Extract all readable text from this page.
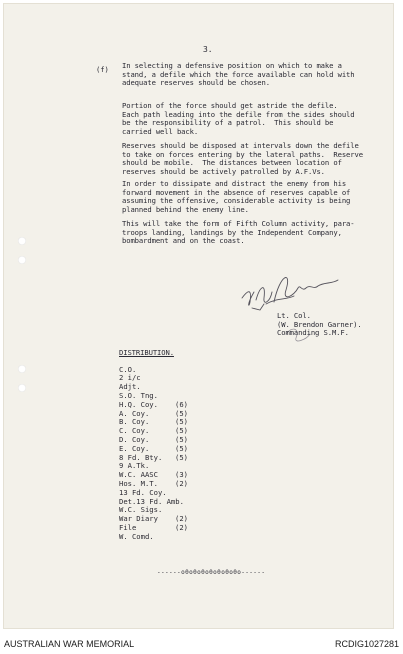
3.
(f) In selecting a defensive position on which to make a
stand, a defile which the force available can hold with
adequate reserves should be chosen.
Portion of the force should get astride the defile.
Each path leading into the defile from the sides should
be the responsibility of a patrol.  This should be
carried well back.
Reserves should be disposed at intervals down the defile
to take on forces entering by the lateral paths.  Reserve
should be mobile.  The distances between location of
reserves should be actively patrolled by A.F.Vs.
In order to dissipate and distract the enemy from his
forward movement in the absence of reserves capable of
assuming the offensive, considerable activity is being
planned behind the enemy line.
This will take the form of Fifth Column activity, para-
troops landing, landings by the Independent Company,
bombardment and on the coast.
Lt. Col.
(W. Brendon Garner).
Commanding S.M.F.
DISTRIBUTION.
C.O.
2 i/c
Adjt.
S.O. Tng.
H.Q. Coy. (6)
A. Coy.	(5)
B. Coy.	(5)
C. Coy.	(5)
D. Coy.	(5)
E. Coy.	(5)
8 Fd. Bty. (5)
9 A.Tk.
W.C. AASC (3)
Hos. M.T. (2)
13 Fd. Coy.
Det.13 Fd. Amb.
W.C. Sigs.
War Diary (2)
File	(2)
W. Comd.
------o0o0o0o0o0o0o0o------
AUSTRALIAN WAR MEMORIAL	RCDIG1027281
